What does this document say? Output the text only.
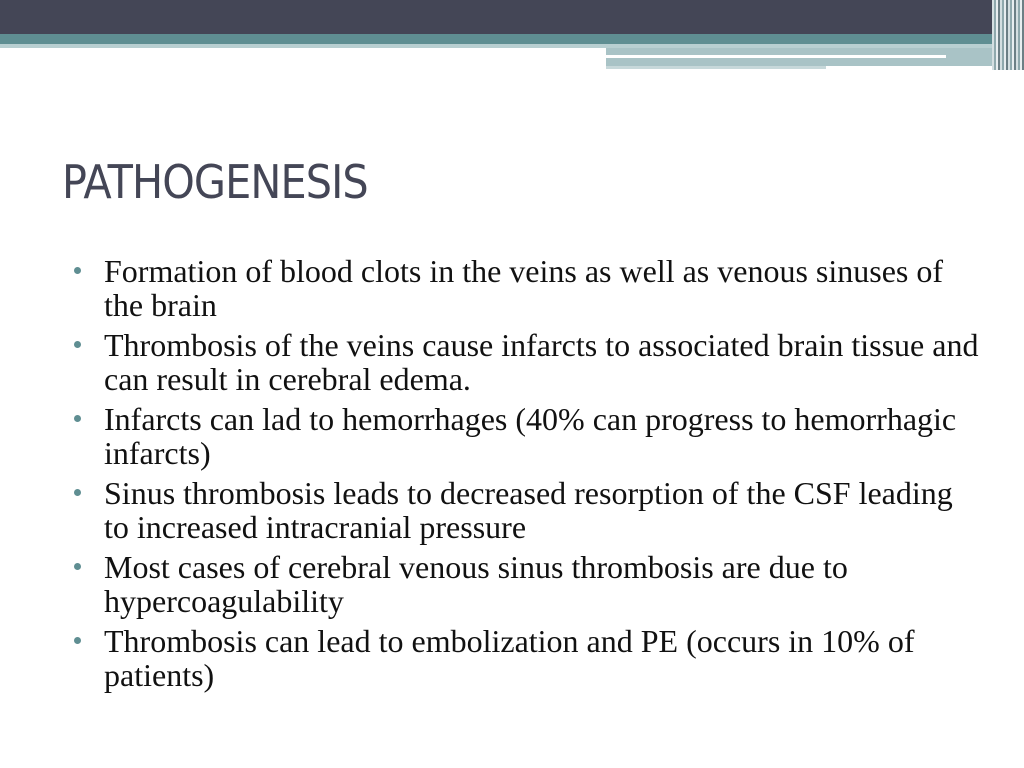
PATHOGENESIS
Formation of blood clots in the veins as well as venous sinuses of the brain
Thrombosis of the veins cause infarcts to associated brain tissue and can result in cerebral edema.
Infarcts can lad to hemorrhages (40% can progress to hemorrhagic infarcts)
Sinus thrombosis leads to decreased resorption of the CSF leading to increased intracranial pressure
Most cases of cerebral venous sinus thrombosis are due to hypercoagulability
Thrombosis can lead to embolization and PE (occurs in 10% of patients)
